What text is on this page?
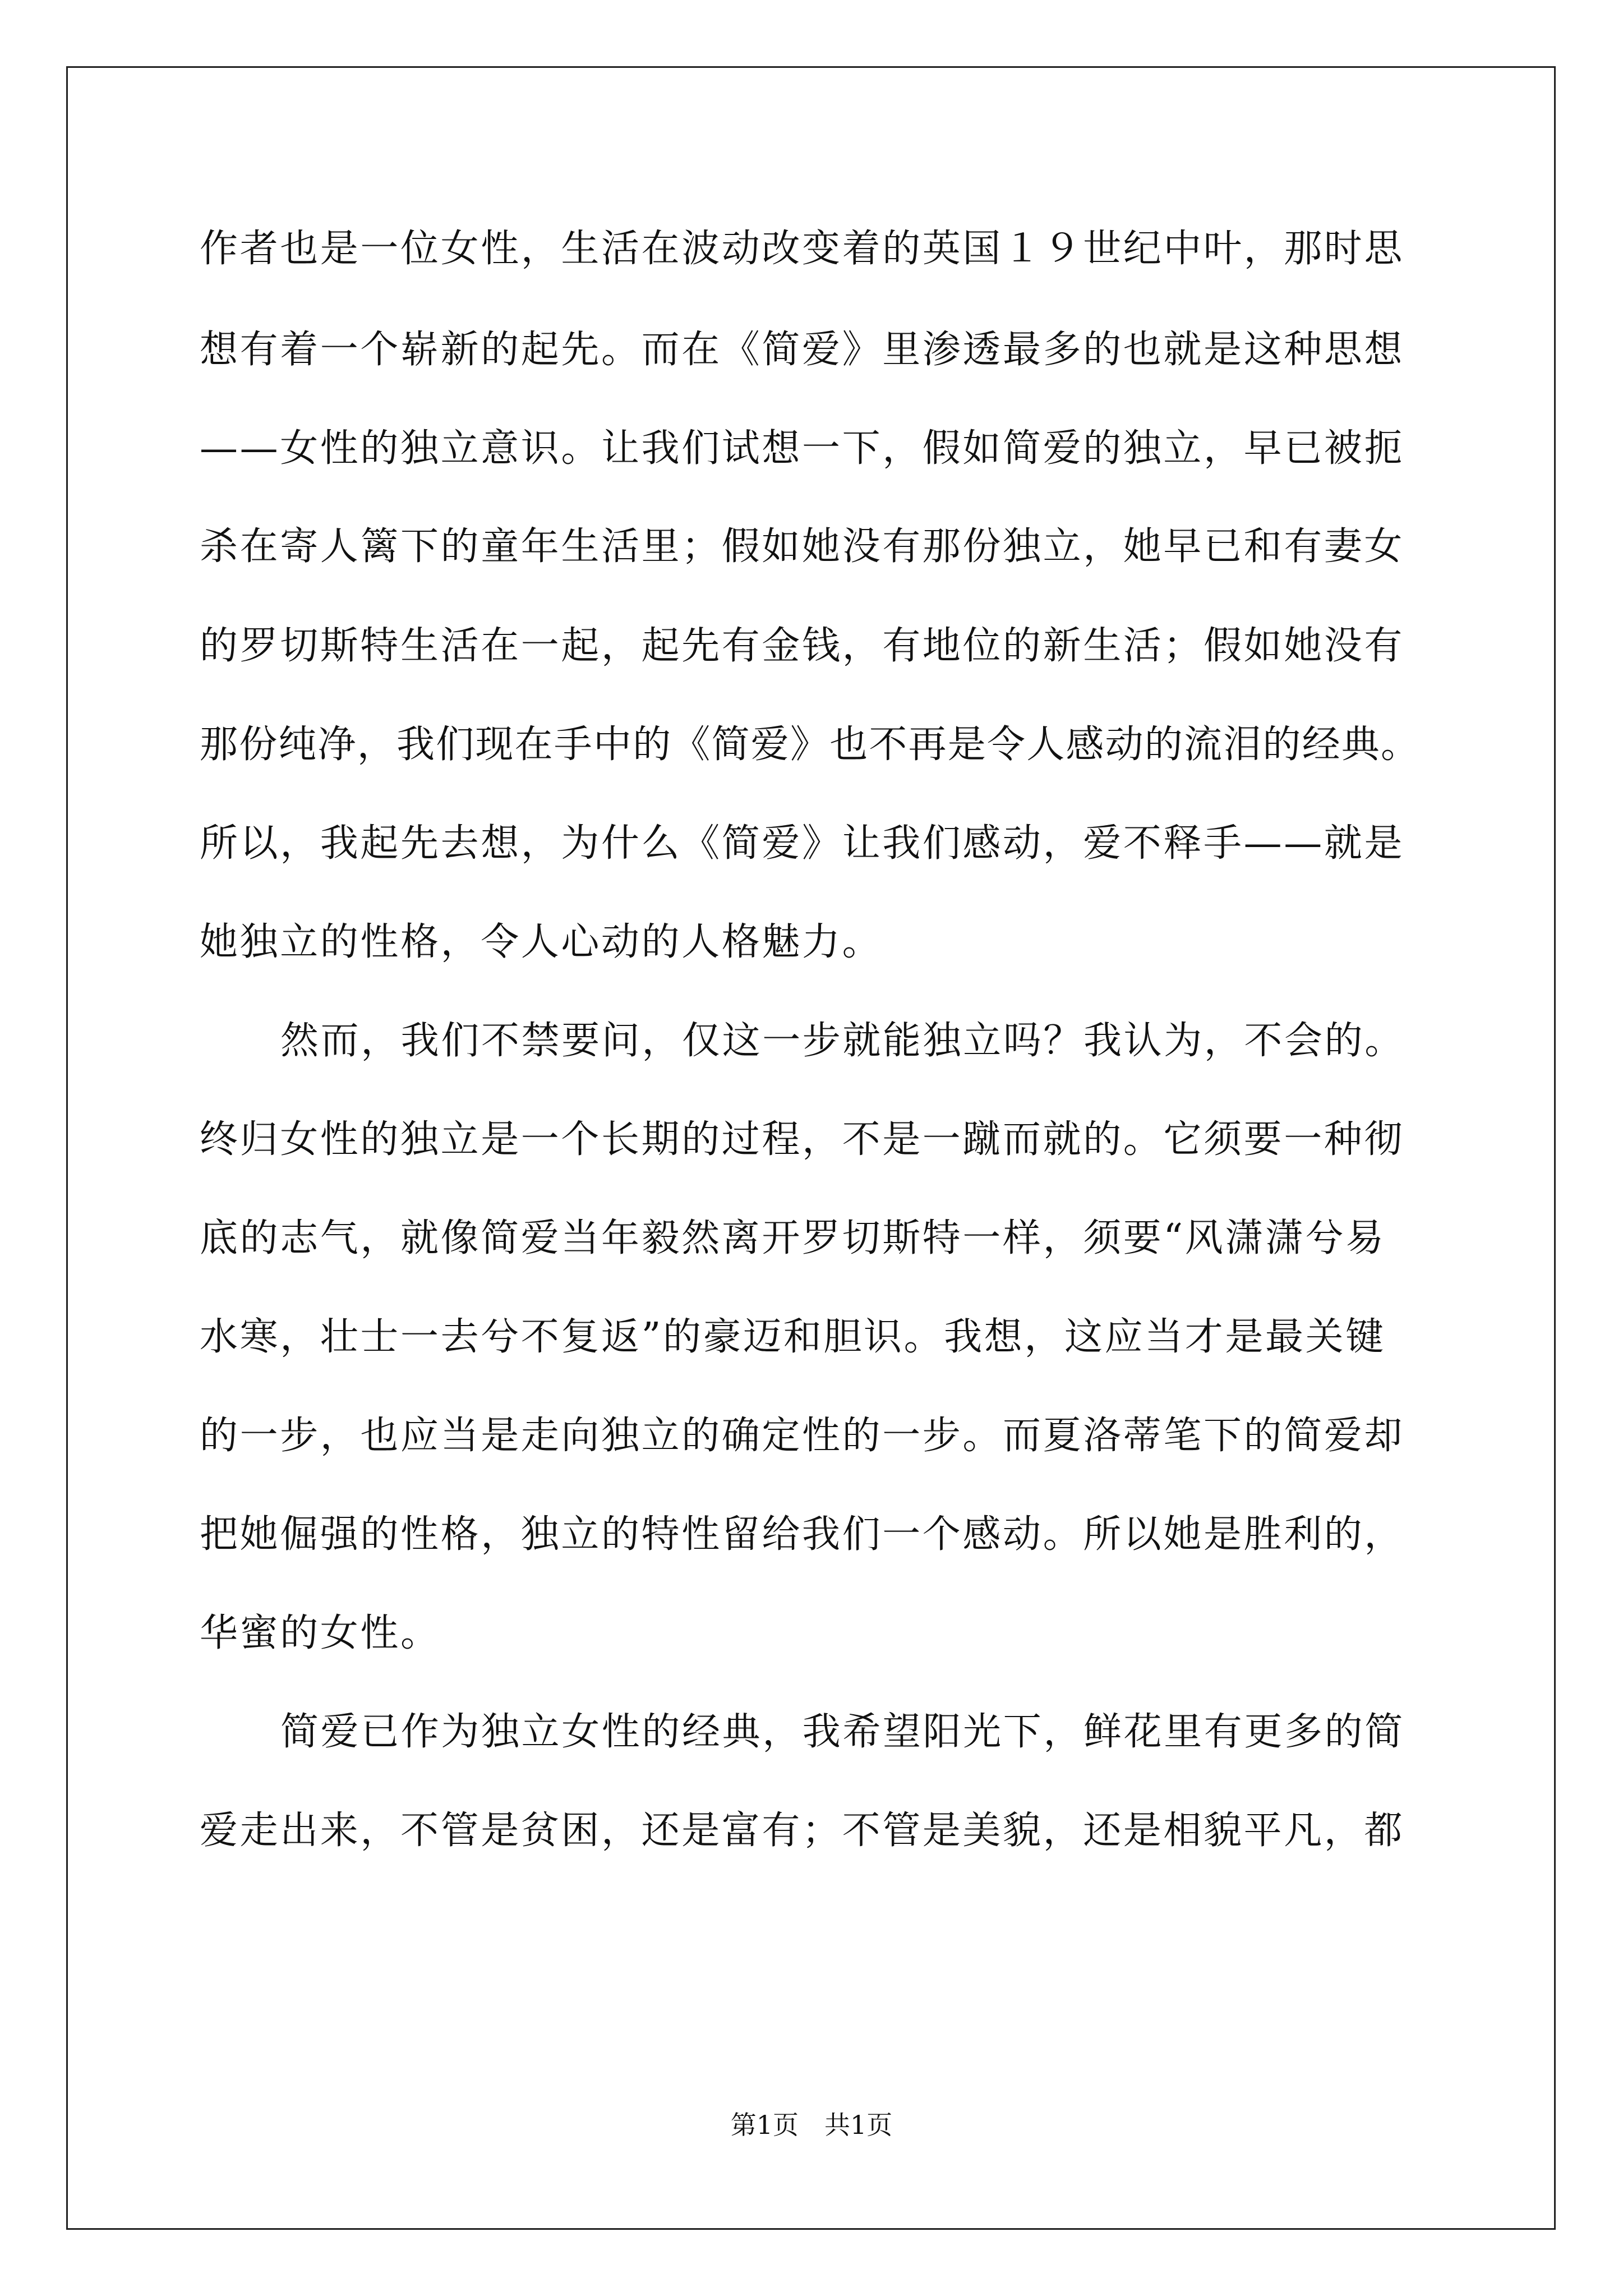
作者也是一位女性，生活在波动改变着的英国１９世纪中叶，那时思
想有着一个崭新的起先。而在《简爱》里渗透最多的也就是这种思想
——女性的独立意识。让我们试想一下，假如简爱的独立，早已被扼
杀在寄人篱下的童年生活里；假如她没有那份独立，她早已和有妻女
的罗切斯特生活在一起，起先有金钱，有地位的新生活；假如她没有
那份纯净，我们现在手中的《简爱》也不再是令人感动的流泪的经典。
所以，我起先去想，为什么《简爱》让我们感动，爱不释手——就是
她独立的性格，令人心动的人格魅力。
然而，我们不禁要问，仅这一步就能独立吗？我认为，不会的。
终归女性的独立是一个长期的过程，不是一蹴而就的。它须要一种彻
底的志气，就像简爱当年毅然离开罗切斯特一样，须要“风潇潇兮易
水寒，壮士一去兮不复返”的豪迈和胆识。我想，这应当才是最关键
的一步，也应当是走向独立的确定性的一步。而夏洛蒂笔下的简爱却
把她倔强的性格，独立的特性留给我们一个感动。所以她是胜利的，
华蜜的女性。
简爱已作为独立女性的经典，我希望阳光下，鲜花里有更多的简
爱走出来，不管是贫困，还是富有；不管是美貌，还是相貌平凡，都
第1页　共1页
